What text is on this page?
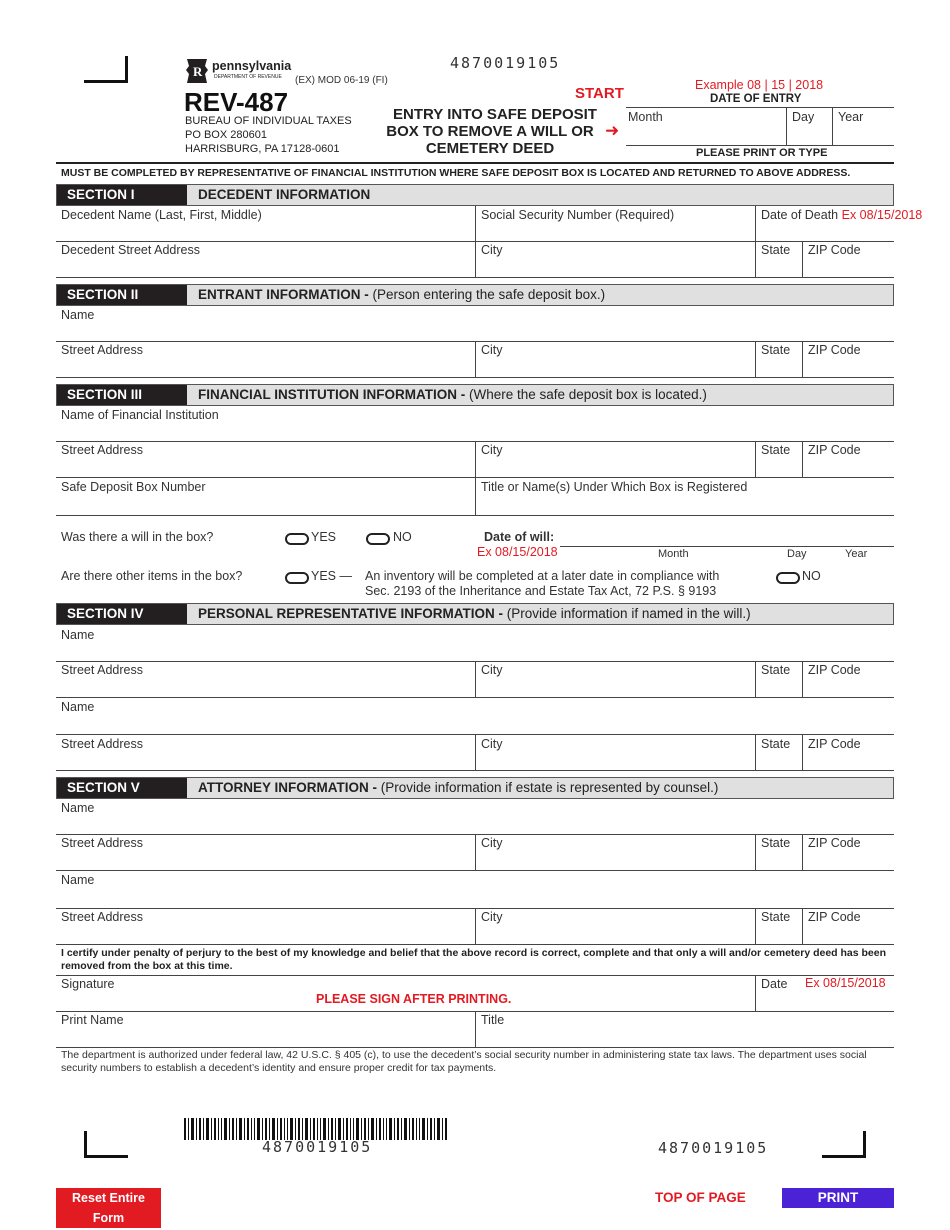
4870019105
R pennsylvania
DEPARTMENT OF REVENUE (EX) MOD 06-19 (FI)
REV-487
BUREAU OF INDIVIDUAL TAXES
PO BOX 280601
HARRISBURG, PA 17128-0601
ENTRY INTO SAFE DEPOSIT
BOX TO REMOVE A WILL OR
CEMETERY DEED
START
➜
Example 08 | 15 | 2018
DATE OF ENTRY
Month	Day Year
PLEASE PRINT OR TYPE
MUST BE COMPLETED BY REPRESENTATIVE OF FINANCIAL INSTITUTION WHERE SAFE DEPOSIT BOX IS LOCATED AND RETURNED TO ABOVE ADDRESS.
SECTION I	DECEDENT INFORMATION
Decedent Name (Last, First, Middle)	Social Security Number (Required)	Date of Death Ex 08/15/2018
Decedent Street Address	City	State ZIP Code
SECTION II	ENTRANT INFORMATION - (Person entering the safe deposit box.)
Name
Street Address	City	State ZIP Code
SECTION III	FINANCIAL INSTITUTION INFORMATION - (Where the safe deposit box is located.)
Name of Financial Institution
Street Address	City	State ZIP Code
Safe Deposit Box Number	Title or Name(s) Under Which Box is Registered
Was there a will in the box?	YES	NO	Date of will:
Ex 08/15/2018	Month	Day	Year
Are there other items in the box?	YES — An inventory will be completed at a later date in compliance with
Sec. 2193 of the Inheritance and Estate Tax Act, 72 P.S. § 9193
NO
SECTION IV	PERSONAL REPRESENTATIVE INFORMATION - (Provide information if named in the will.)
Name
Street Address	City	State ZIP Code
Name
Street Address	City	State ZIP Code
SECTION V	ATTORNEY INFORMATION - (Provide information if estate is represented by counsel.)
Name
Street Address	City	State ZIP Code
Name
Street Address	City	State ZIP Code
I certify under penalty of perjury to the best of my knowledge and belief that the above record is correct, complete and that only a will and/or cemetery deed has been removed from the box at this time.
Signature
PLEASE SIGN AFTER PRINTING.
Date Ex 08/15/2018
Print Name	Title
The department is authorized under federal law, 42 U.S.C. § 405 (c), to use the decedent’s social security number in administering state tax laws. The department uses social security numbers to establish a decedent’s identity and ensure proper credit for tax payments.
4870019105	4870019105
Reset Entire Form
TOP OF PAGE	PRINT
